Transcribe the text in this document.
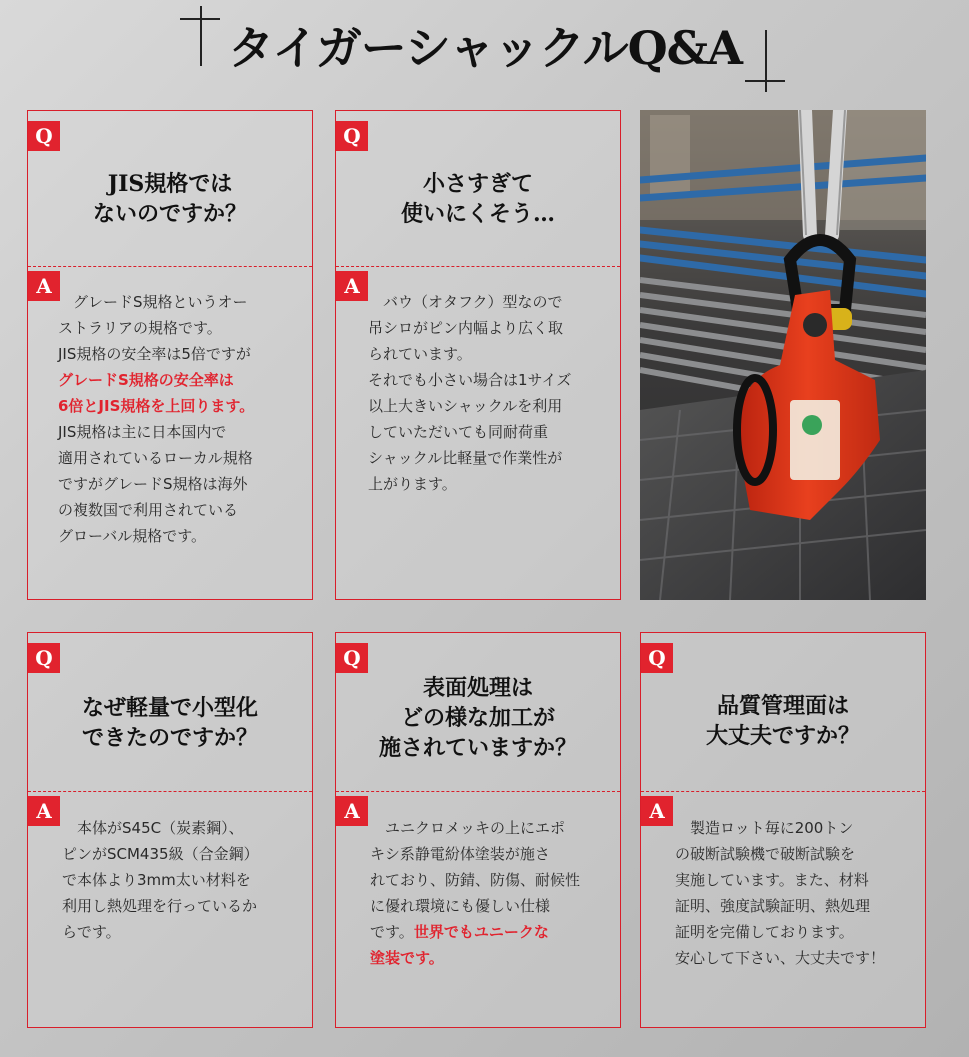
タイガーシャックルQ&A
Q
JIS規格では
ないのですか？
A
　グレードS規格というオー
ストラリアの規格です。
JIS規格の安全率は5倍ですが
グレードS規格の安全率は
6倍とJIS規格を上回ります。
JIS規格は主に日本国内で
適用されているローカル規格
ですがグレードS規格は海外
の複数国で利用されている
グローバル規格です。
Q
小さすぎて
使いにくそう…
A
　バウ（オタフク）型なので
吊シロがピン内幅より広く取
られています。
それでも小さい場合は1サイズ
以上大きいシャックルを利用
していただいても同耐荷重
シャックル比軽量で作業性が
上がります。
Q
なぜ軽量で小型化
できたのですか？
A
　本体がS45C（炭素鋼）、
ピンがSCM435級（合金鋼）
で本体より3mm太い材料を
利用し熱処理を行っているか
らです。
Q
表面処理は
どの様な加工が
施されていますか？
A
　ユニクロメッキの上にエポ
キシ系静電紛体塗装が施さ
れており、防錆、防傷、耐候性
に優れ環境にも優しい仕様
です。世界でもユニークな
塗装です。
Q
品質管理面は
大丈夫ですか？
A
　製造ロット毎に200トン
の破断試験機で破断試験を
実施しています。また、材料
証明、強度試験証明、熱処理
証明を完備しております。
安心して下さい、大丈夫です！
